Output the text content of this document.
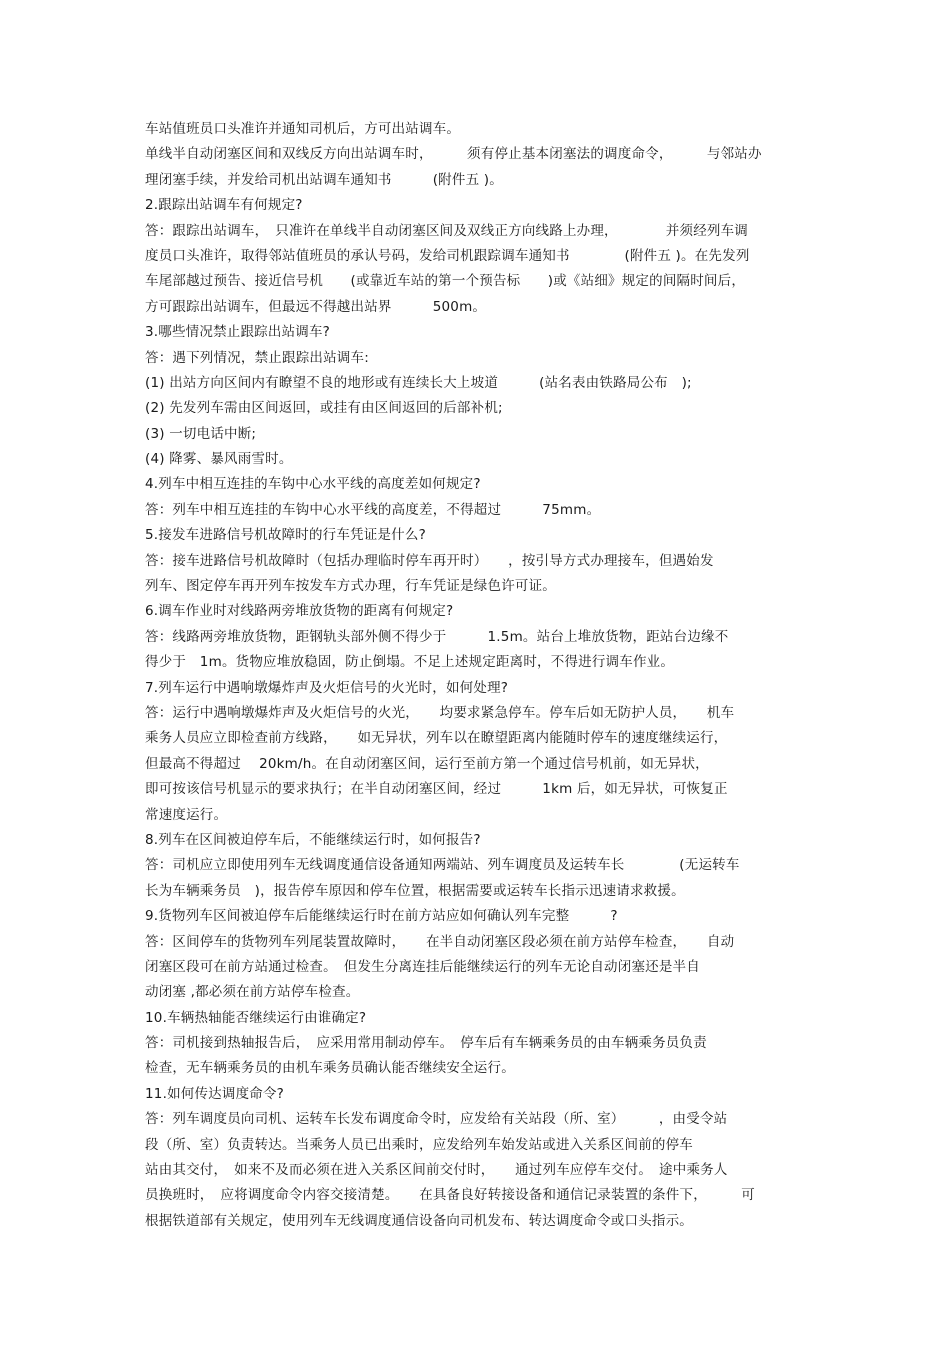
车站值班员口头准许并通知司机后，方可出站调车。
单线半自动闭塞区间和双线反方向出站调车时，　　　须有停止基本闭塞法的调度命令，　　　与邻站办
理闭塞手续，并发给司机出站调车通知书　　　(附件五 )。
2.跟踪出站调车有何规定?
答：跟踪出站调车，　只准许在单线半自动闭塞区间及双线正方向线路上办理，　　　　并须经列车调
度员口头准许，取得邻站值班员的承认号码，发给司机跟踪调车通知书　　　　(附件五 )。在先发列
车尾部越过预告、接近信号机　　(或靠近车站的第一个预告标　　)或《站细》规定的间隔时间后，
方可跟踪出站调车，但最远不得越出站界　　　500m。
3.哪些情况禁止跟踪出站调车?
答：遇下列情况，禁止跟踪出站调车:
(1) 出站方向区间内有瞭望不良的地形或有连续长大上坡道　　　(站名表由铁路局公布　);
(2) 先发列车需由区间返回，或挂有由区间返回的后部补机;
(3) 一切电话中断;
(4) 降雾、暴风雨雪时。
4.列车中相互连挂的车钩中心水平线的高度差如何规定?
答：列车中相互连挂的车钩中心水平线的高度差，不得超过　　　75mm。
5.接发车进路信号机故障时的行车凭证是什么?
答：接车进路信号机故障时（包括办理临时停车再开时）　　，按引导方式办理接车，但遇始发
列车、图定停车再开列车按发车方式办理，行车凭证是绿色许可证。
6.调车作业时对线路两旁堆放货物的距离有何规定?
答：线路两旁堆放货物，距钢轨头部外侧不得少于　　　1.5m。站台上堆放货物，距站台边缘不
得少于　1m。货物应堆放稳固，防止倒塌。不足上述规定距离时，不得进行调车作业。
7.列车运行中遇响墩爆炸声及火炬信号的火光时，如何处理?
答：运行中遇响墩爆炸声及火炬信号的火光，　　均要求紧急停车。停车后如无防护人员，　　机车
乘务人员应立即检查前方线路，　　如无异状，列车以在瞭望距离内能随时停车的速度继续运行，
但最高不得超过　 20km/h。在自动闭塞区间，运行至前方第一个通过信号机前，如无异状，
即可按该信号机显示的要求执行；在半自动闭塞区间，经过　　　1km 后，如无异状，可恢复正
常速度运行。
8.列车在区间被迫停车后，不能继续运行时，如何报告?
答：司机应立即使用列车无线调度通信设备通知两端站、列车调度员及运转车长　　　　(无运转车
长为车辆乘务员　)，报告停车原因和停车位置，根据需要或运转车长指示迅速请求救援。
9.货物列车区间被迫停车后能继续运行时在前方站应如何确认列车完整　　　?
答：区间停车的货物列车列尾装置故障时，　　在半自动闭塞区段必须在前方站停车检查，　　自动
闭塞区段可在前方站通过检查。　但发生分离连挂后能继续运行的列车无论自动闭塞还是半自
动闭塞 ,都必须在前方站停车检查。
10.车辆热轴能否继续运行由谁确定?
答：司机接到热轴报告后，　应采用常用制动停车。　停车后有车辆乘务员的由车辆乘务员负责
检查，无车辆乘务员的由机车乘务员确认能否继续安全运行。
11.如何传达调度命令?
答：列车调度员向司机、运转车长发布调度命令时，应发给有关站段（所、室）　　　，由受令站
段（所、室）负责转达。当乘务人员已出乘时，应发给列车始发站或进入关系区间前的停车
站由其交付，　如来不及而必须在进入关系区间前交付时，　　通过列车应停车交付。　途中乘务人
员换班时，　应将调度命令内容交接清楚。　　在具备良好转接设备和通信记录装置的条件下，　　　可
根据铁道部有关规定，使用列车无线调度通信设备向司机发布、转达调度命令或口头指示。
